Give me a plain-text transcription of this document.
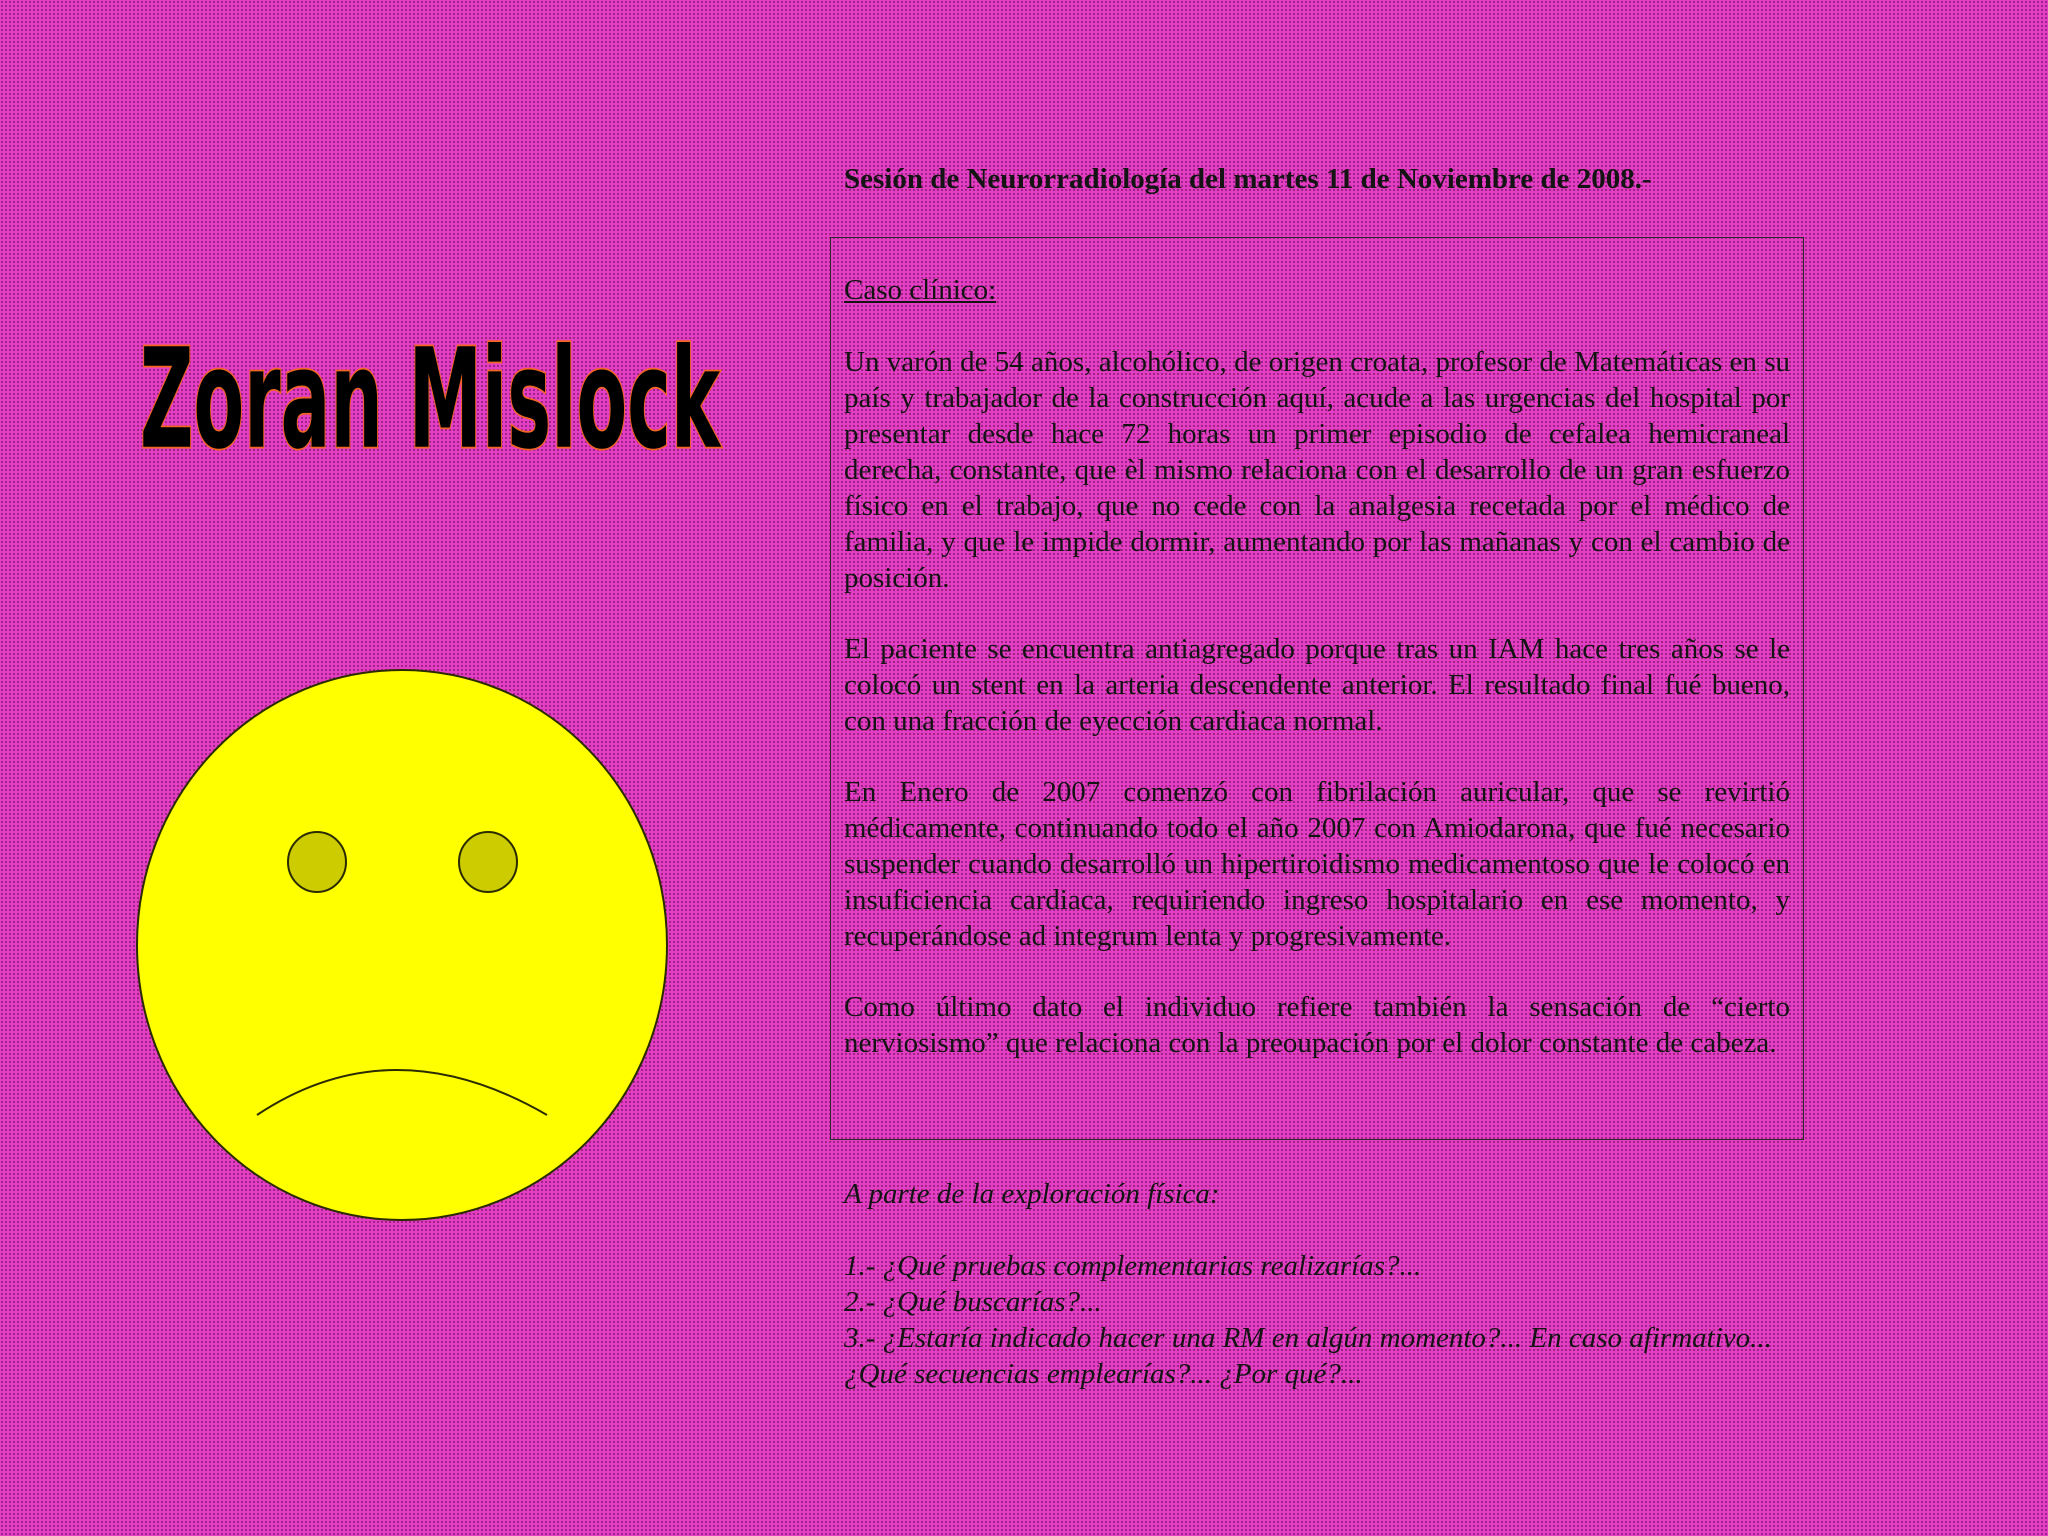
Zoran Mislock
Sesión de Neurorradiología del martes 11 de Noviembre de 2008.-

Caso clínico:

Un varón de 54 años, alcohólico, de origen croata, profesor de Matemáticas en su país y trabajador de la construcción aquí, acude a las urgencias del hospital por presentar desde hace 72 horas un primer episodio de cefalea hemicraneal derecha, constante, que èl mismo relaciona con el desarrollo de un gran esfuerzo físico en el trabajo, que no cede con la analgesia recetada por el médico de familia, y que le impide dormir, aumentando por las mañanas y con el cambio de posición.

El paciente se encuentra antiagregado porque tras un IAM hace tres años se le colocó un stent en la arteria descendente anterior. El resultado final fué bueno, con una fracción de eyección cardiaca normal.

En Enero de 2007 comenzó con fibrilación auricular, que se revirtió médicamente, continuando todo el año 2007 con Amiodarona, que fué necesario suspender cuando desarrolló un hipertiroidismo medicamentoso que le colocó en insuficiencia cardiaca, requiriendo ingreso hospitalario en ese momento, y recuperándose ad integrum lenta y progresivamente.

Como último dato el individuo refiere también la sensación de “cierto nerviosismo” que relaciona con la preoupación por el dolor constante de cabeza.

A parte de la exploración física:

1.- ¿Qué pruebas complementarias realizarías?...

2.- ¿Qué buscarías?...

3.- ¿Estaría indicado hacer una RM en algún momento?... En caso afirmativo...¿Qué secuencias emplearías?... ¿Por qué?...
